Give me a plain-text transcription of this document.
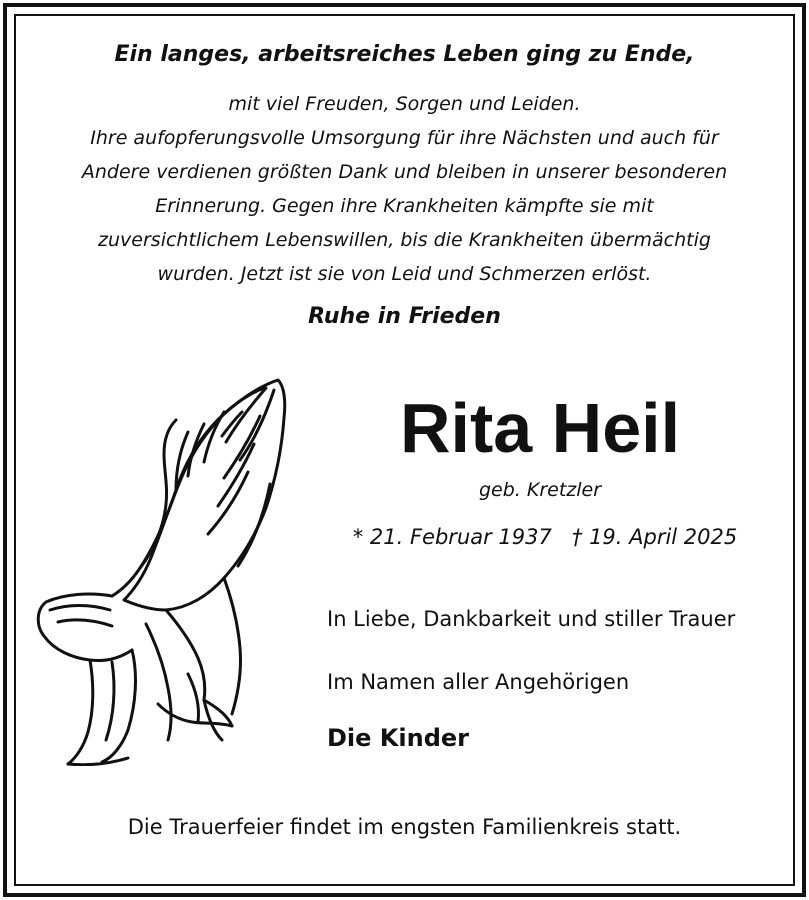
Ein langes, arbeitsreiches Leben ging zu Ende,
mit viel Freuden, Sorgen und Leiden.
Ihre aufopferungsvolle Umsorgung für ihre Nächsten und auch für
Andere verdienen größten Dank und bleiben in unserer besonderen
Erinnerung. Gegen ihre Krankheiten kämpfte sie mit
zuversichtlichem Lebenswillen, bis die Krankheiten übermächtig
wurden. Jetzt ist sie von Leid und Schmerzen erlöst.
Ruhe in Frieden
Rita Heil
geb. Kretzler
* 21. Februar 1937 † 19. April 2025
In Liebe, Dankbarkeit und stiller Trauer
Im Namen aller Angehörigen
Die Kinder
Die Trauerfeier findet im engsten Familienkreis statt.
